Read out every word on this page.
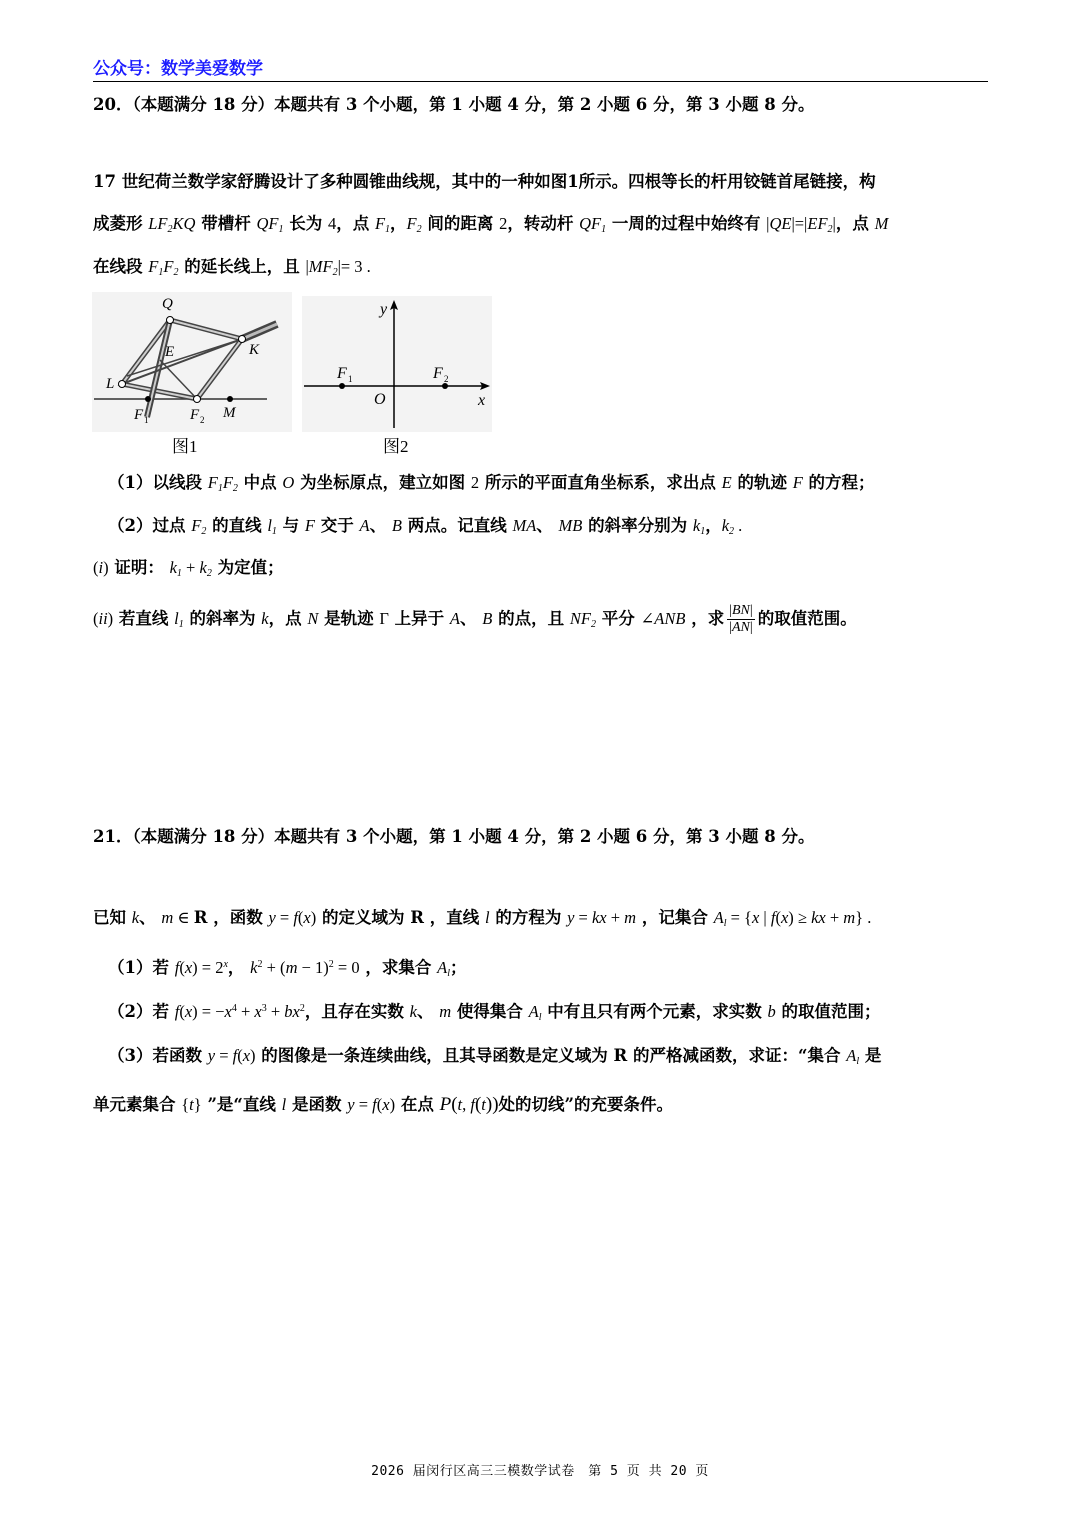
公众号：数学美爱数学
20．（本题满分 18 分）本题共有 3 个小题，第 1 小题 4 分，第 2 小题 6 分，第 3 小题 8 分。
17 世纪荷兰数学家舒腾设计了多种圆锥曲线规，其中的一种如图1所示。四根等长的杆用铰链首尾链接，构
成菱形 $LF_2KQ$ 带槽杆 $QF_1$ 长为 4，点 $F_1$，$F_2$ 间的距离 2，转动杆 $QF_1$ 一周的过程中始终有 $|QE|=|EF_2|$，点 M
在线段 $F_1F_2$ 的延长线上，且 $|MF_2|= 3$ .
Q
E	K
L
F 1	F 2 M
图1
y
F 1	F 2
O	x
图2
（1）以线段 $F_1F_2$ 中点 O 为坐标原点，建立如图 2 所示的平面直角坐标系，求出点 E 的轨迹 F 的方程；
（2）过点 $F_2$ 的直线 $l_1$ 与 F 交于 A、 B 两点。记直线 MA、 MB 的斜率分别为 $k_1$，$k_2$ .
(i) 证明： $k_1 + k_2$ 为定值；
(ii) 若直线 $l_1$ 的斜率为 k，点 N 是轨迹 Γ 上异于 A、 B 的点，且 $NF_2$ 平分 ∠ANB ，求 $\frac{|BN|}{|AN|}$ 的取值范围。
21．（本题满分 18 分）本题共有 3 个小题，第 1 小题 4 分，第 2 小题 6 分，第 3 小题 8 分。
已知 k、 m ∈ R ，函数 y = f(x) 的定义域为 R ，直线 l 的方程为 y = kx + m ，记集合 $A_l = \{x$ | f(x) ≥ kx + m} .
（1）若 $f(x) = 2^x$， $k^2 + (m - 1)^2 = 0$ ，求集合 $A_l$；
（2）若 $f(x) = -x^4 + x^3 + bx^2$，且存在实数 k、 m 使得集合 $A_l$ 中有且只有两个元素，求实数 b 的取值范围；
（3）若函数 y = f(x) 的图像是一条连续曲线，且其导函数是定义域为 R 的严格减函数，求证：“集合 $A_l$ 是
单元素集合 {t} ”是“直线 l 是函数 y = f(x) 在点 P(t, f(t))处的切线”的充要条件。
2026 届闵行区高三三模数学试卷　第 5 页 共 20 页
